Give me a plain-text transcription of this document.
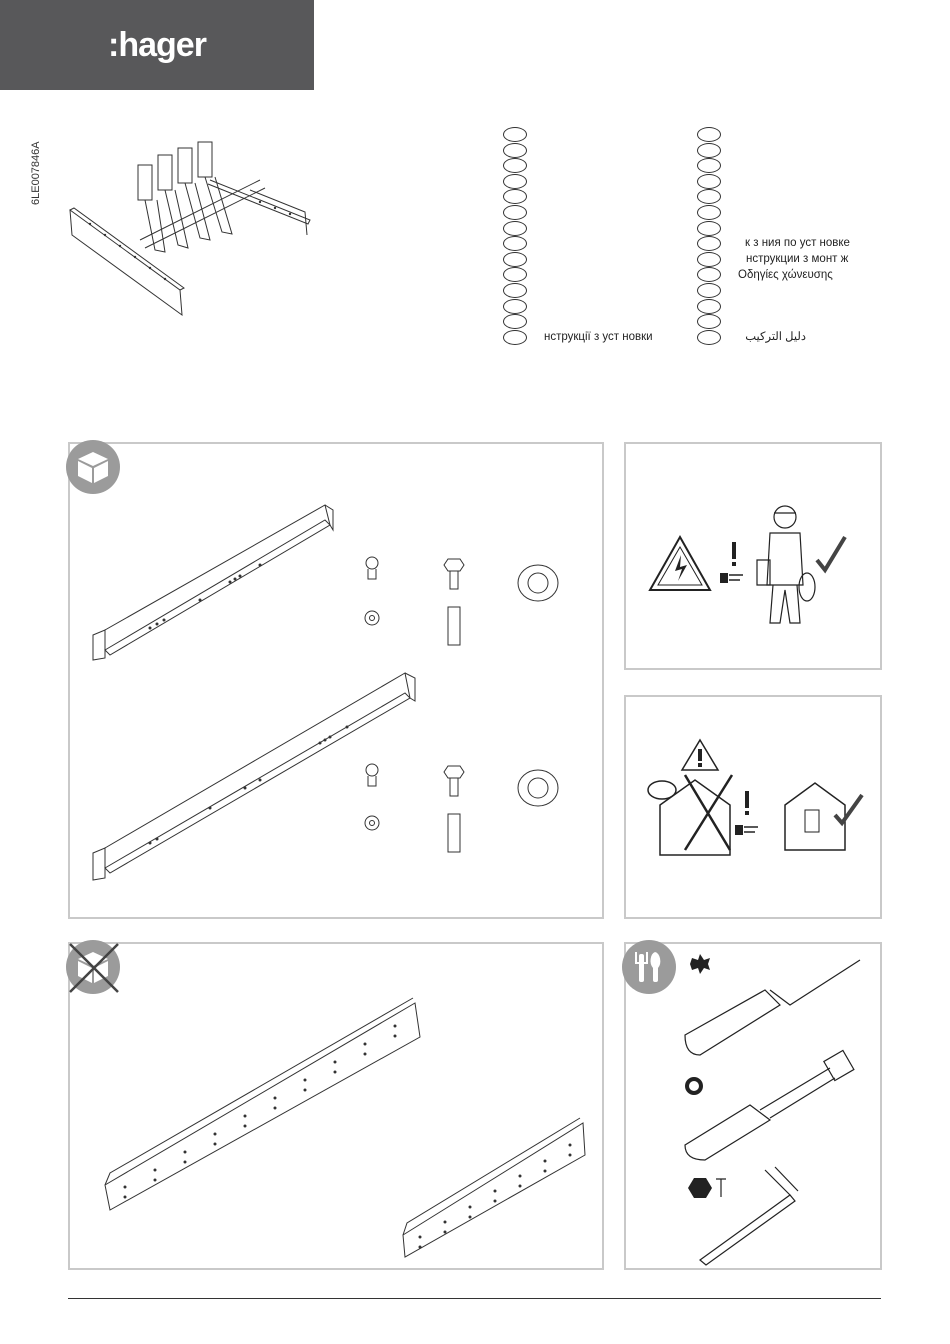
:hager
6LE007846A
нструкції з уст новки
к з ния по уст новке
нструкции з монт ж
Οδηγίες χώνευσης
دليل التركيب
